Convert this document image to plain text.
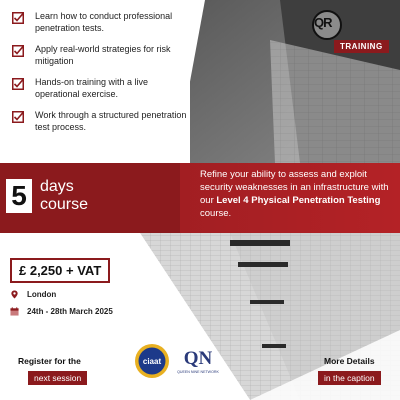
QR
TRAINING
Learn how to conduct professional penetration tests.
Apply real-world strategies for risk mitigation
Hands-on training with a live operational exercise.
Work through a structured penetration test process.
5 days
course
Refine your ability to assess and exploit security weaknesses in an infrastructure with our Level 4 Physical Penetration Testing course.
£ 2,250 + VAT
London
24th - 28th March 2025
Register for the
next session
ciaat QN
QUEEN NINE NETWORK
More Details
in the caption
